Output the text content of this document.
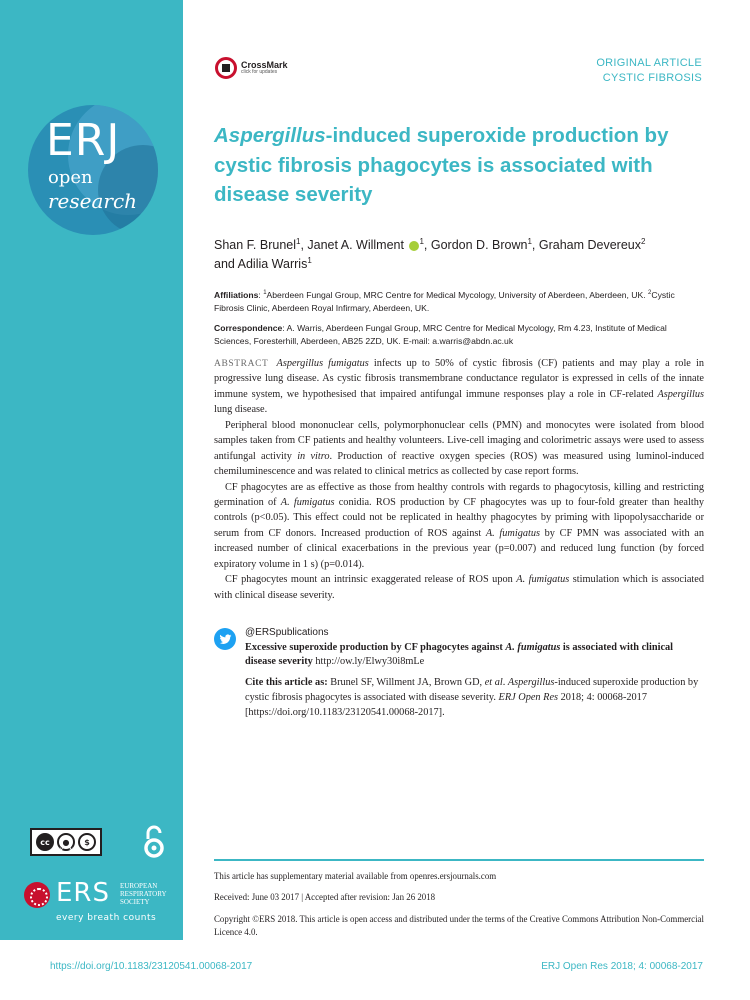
ERJ
open
research
cc	●	$
BY NC
ERS EUROPEAN
RESPIRATORY
SOCIETY
every breath counts
CrossMark
click for updates
ORIGINAL ARTICLE
CYSTIC FIBROSIS
Aspergillus-induced superoxide production by cystic fibrosis phagocytes is associated with disease severity
Shan F. Brunel$^1$, Janet A. Willment $^1$, Gordon D. Brown$^1$, Graham Devereux$^2$
and Adilia Warris$^1$
Affiliations: $^1$Aberdeen Fungal Group, MRC Centre for Medical Mycology, University of Aberdeen, Aberdeen, UK. $^2$Cystic Fibrosis Clinic, Aberdeen Royal Infirmary, Aberdeen, UK.
Correspondence: A. Warris, Aberdeen Fungal Group, MRC Centre for Medical Mycology, Rm 4.23, Institute of Medical Sciences, Foresterhill, Aberdeen, AB25 2ZD, UK. E-mail: a.warris@abdn.ac.uk

ABSTRACT Aspergillus fumigatus infects up to 50% of cystic fibrosis (CF) patients and may play a role in progressive lung disease. As cystic fibrosis transmembrane conductance regulator is expressed in cells of the innate immune system, we hypothesised that impaired antifungal immune responses play a role in CF-related Aspergillus lung disease.

Peripheral blood mononuclear cells, polymorphonuclear cells (PMN) and monocytes were isolated from blood samples taken from CF patients and healthy volunteers. Live-cell imaging and colorimetric assays were used to assess antifungal activity in vitro. Production of reactive oxygen species (ROS) was measured using luminol-induced chemiluminescence and was related to clinical metrics as collected by case report forms.

CF phagocytes are as effective as those from healthy controls with regards to phagocytosis, killing and restricting germination of A. fumigatus conidia. ROS production by CF phagocytes was up to four-fold greater than healthy controls (p<0.05). This effect could not be replicated in healthy phagocytes by priming with lipopolysaccharide or serum from CF donors. Increased production of ROS against A. fumigatus by CF PMN was associated with an increased number of clinical exacerbations in the previous year (p=0.007) and reduced lung function (by forced expiratory volume in 1 s) (p=0.014).

CF phagocytes mount an intrinsic exaggerated release of ROS upon A. fumigatus stimulation which is associated with clinical disease severity.

@ERSpublications
Excessive superoxide production by CF phagocytes against A. fumigatus is associated with clinical disease severity http://ow.ly/Elwy30i8mLe
Cite this article as: Brunel SF, Willment JA, Brown GD, et al. Aspergillus-induced superoxide production by cystic fibrosis phagocytes is associated with disease severity. ERJ Open Res 2018; 4: 00068-2017 [https://doi.org/10.1183/23120541.00068-2017].

This article has supplementary material available from openres.ersjournals.com

Received: June 03 2017 | Accepted after revision: Jan 26 2018

Copyright ©ERS 2018. This article is open access and distributed under the terms of the Creative Commons Attribution Non-Commercial Licence 4.0.

https://doi.org/10.1183/23120541.00068-2017	ERJ Open Res 2018; 4: 00068-2017
